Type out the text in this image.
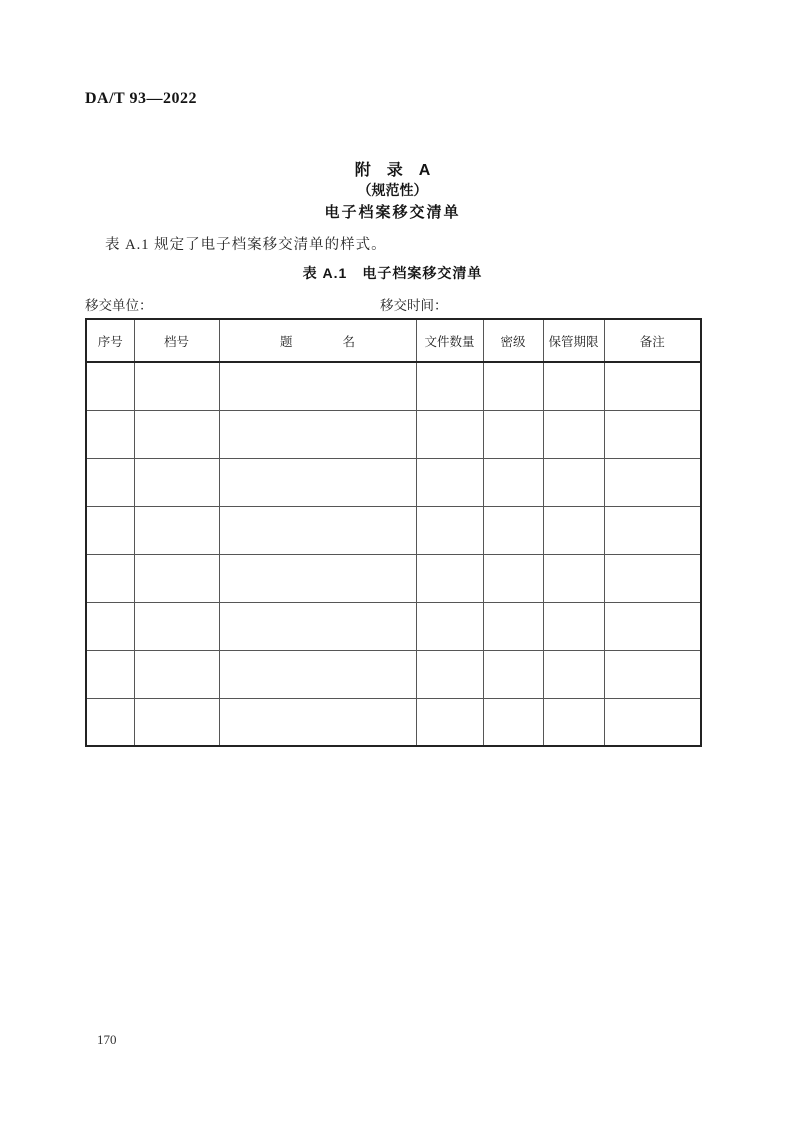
DA/T 93—2022
附　录　A
（规范性）
电子档案移交清单
表 A.1 规定了电子档案移交清单的样式。
表 A.1　电子档案移交清单
移交单位：	移交时间：
序号	档号	题　　　　名	文件数量	密级	保管期限	备注

170
